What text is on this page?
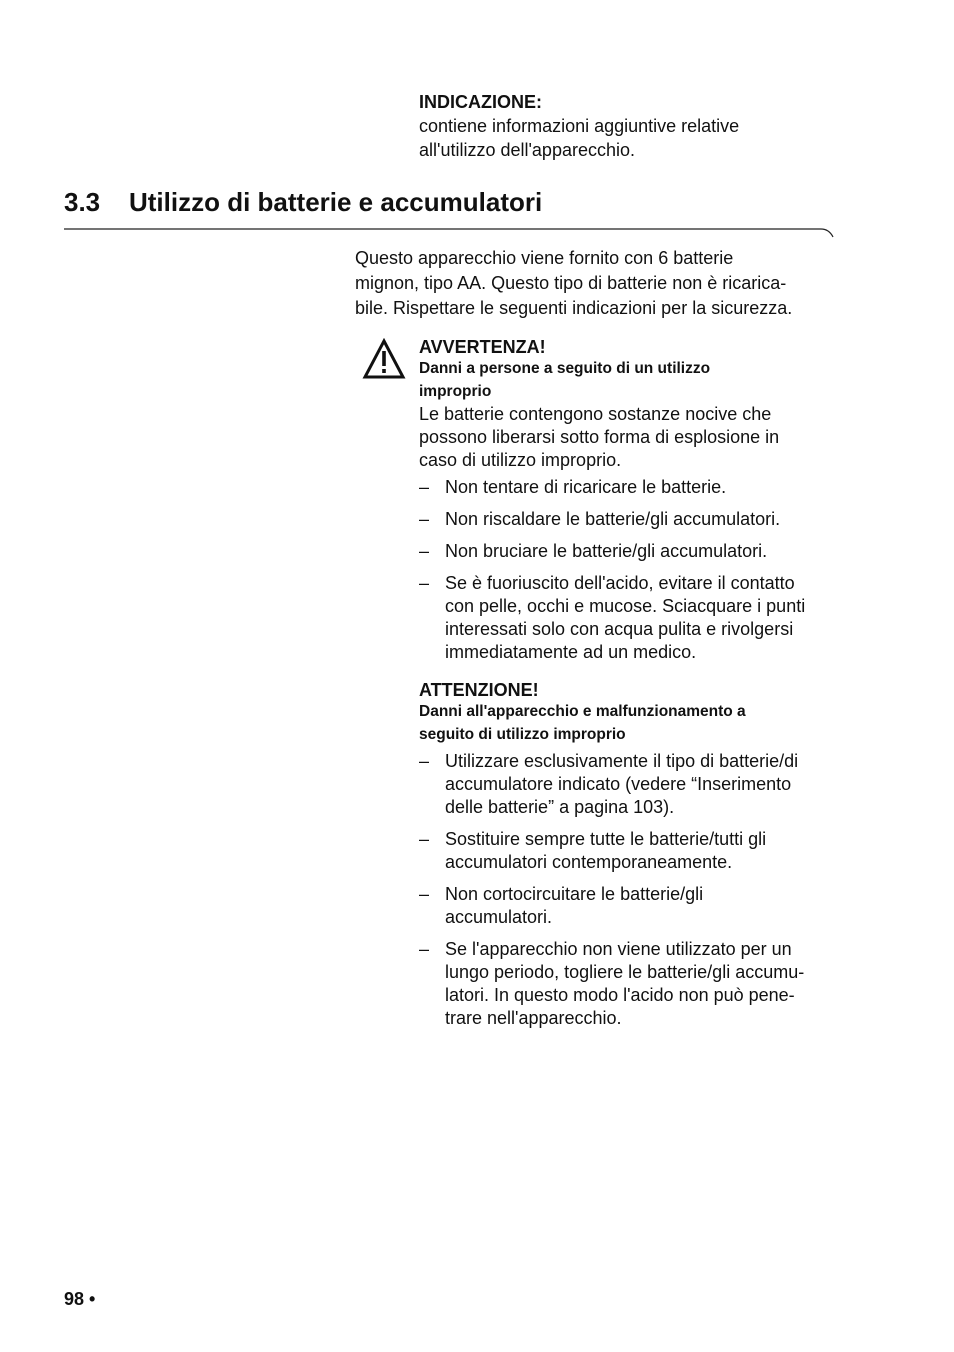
INDICAZIONE:
contiene informazioni aggiuntive relative
all'utilizzo dell'apparecchio.
3.3 Utilizzo di batterie e accumulatori
Questo apparecchio viene fornito con 6 batterie
mignon, tipo AA. Questo tipo di batterie non è ricarica-
bile. Rispettare le seguenti indicazioni per la sicurezza.
AVVERTENZA!
Danni a persone a seguito di un utilizzo
improprio
Le batterie contengono sostanze nocive che
possono liberarsi sotto forma di esplosione in
caso di utilizzo improprio.
– Non tentare di ricaricare le batterie.
– Non riscaldare le batterie/gli accumulatori.
– Non bruciare le batterie/gli accumulatori.
– Se è fuoriuscito dell'acido, evitare il contatto
con pelle, occhi e mucose. Sciacquare i punti
interessati solo con acqua pulita e rivolgersi
immediatamente ad un medico.
ATTENZIONE!
Danni all'apparecchio e malfunzionamento a
seguito di utilizzo improprio
– Utilizzare esclusivamente il tipo di batterie/di
accumulatore indicato (vedere “Inserimento
delle batterie” a pagina 103).
– Sostituire sempre tutte le batterie/tutti gli
accumulatori contemporaneamente.
– Non cortocircuitare le batterie/gli
accumulatori.
– Se l'apparecchio non viene utilizzato per un
lungo periodo, togliere le batterie/gli accumu-
latori. In questo modo l'acido non può pene-
trare nell'apparecchio.
98 •
